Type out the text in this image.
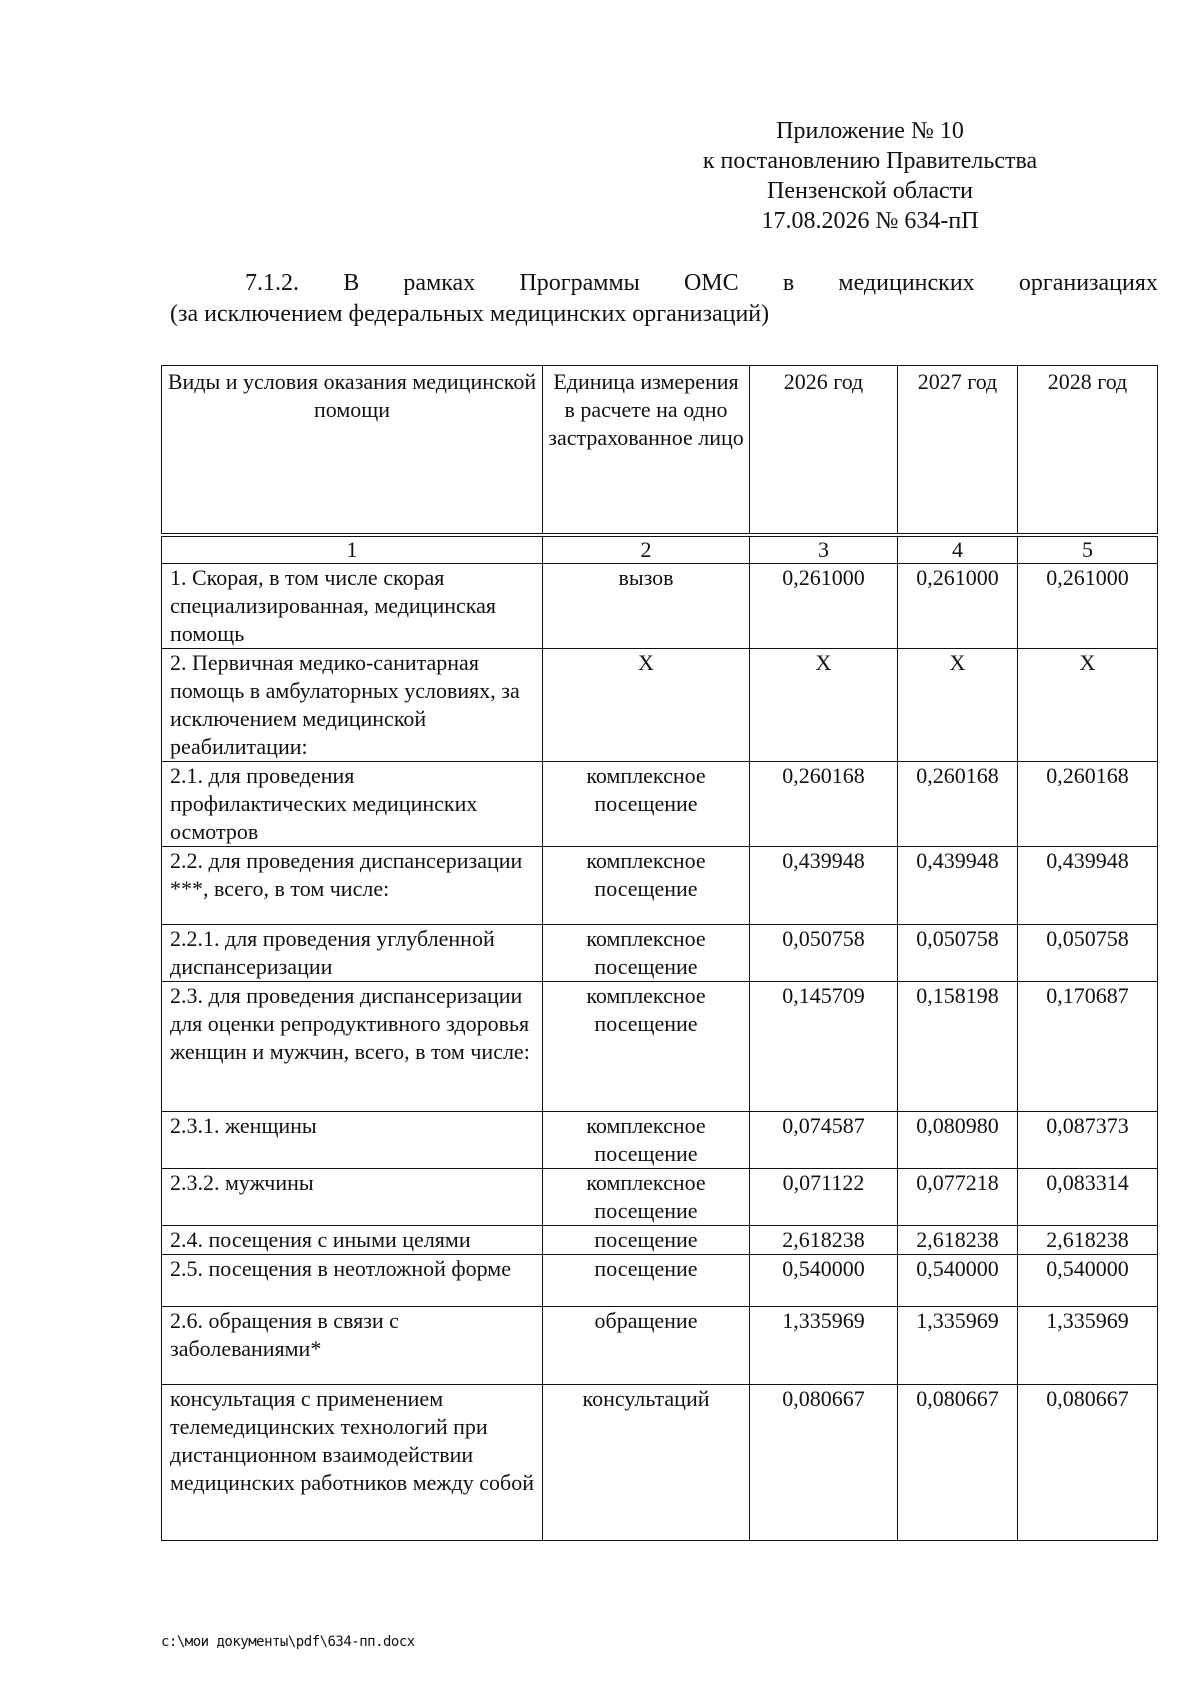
Приложение № 10
к постановлению Правительства
Пензенской области
17.08.2026 № 634-пП
7.1.2. В рамках Программы ОМС в медицинских организациях
(за исключением федеральных медицинских организаций)
Виды и условия оказания медицинской помощи	Единица измерения в расчете на одно застрахованное лицо	2026 год	2027 год	2028 год
1	2	3	4	5
1. Скорая, в том числе скорая специализированная, медицинская помощь	вызов	0,261000	0,261000	0,261000
2. Первичная медико-санитарная помощь в амбулаторных условиях, за исключением медицинской реабилитации:	X	X	X	X
2.1. для проведения профилактических медицинских осмотров	комплексное посещение	0,260168	0,260168	0,260168
2.2. для проведения диспансеризации ***, всего, в том числе:	комплексное посещение	0,439948	0,439948	0,439948
2.2.1. для проведения углубленной диспансеризации	комплексное посещение	0,050758	0,050758	0,050758
2.3. для проведения диспансеризации для оценки репродуктивного здоровья женщин и мужчин, всего, в том числе:	комплексное посещение	0,145709	0,158198	0,170687
2.3.1. женщины	комплексное посещение	0,074587	0,080980	0,087373
2.3.2. мужчины	комплексное посещение	0,071122	0,077218	0,083314
2.4. посещения с иными целями	посещение	2,618238	2,618238	2,618238
2.5. посещения в неотложной форме	посещение	0,540000	0,540000	0,540000
2.6. обращения в связи с заболеваниями*	обращение	1,335969	1,335969	1,335969
консультация с применением телемедицинских технологий при дистанционном взаимодействии медицинских работников между собой	консультаций	0,080667	0,080667	0,080667
c:\мои документы\pdf\634-пп.docx
